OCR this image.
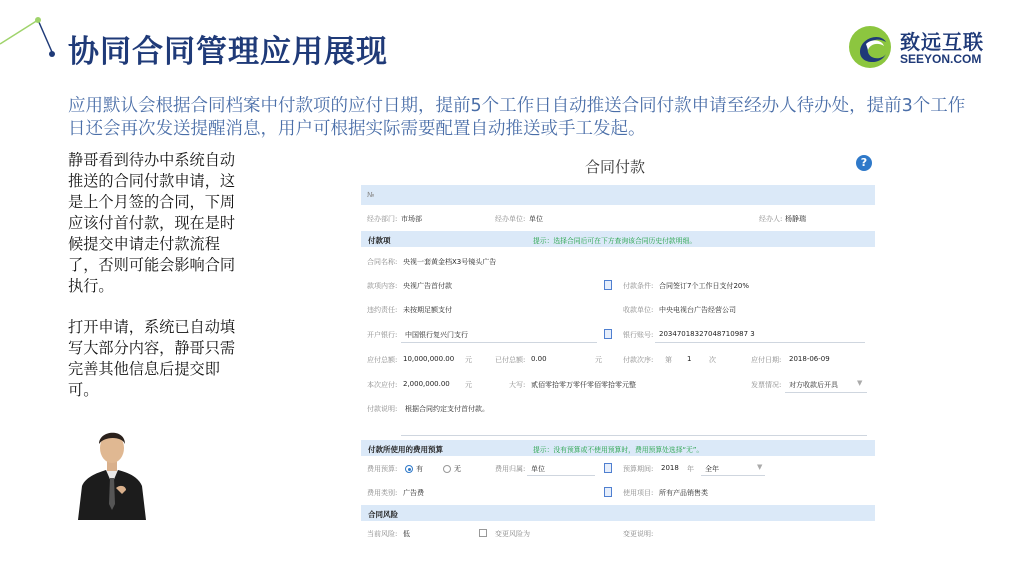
协同合同管理应用展现	致远互联
SEEYON.COM
应用默认会根据合同档案中付款项的应付日期，提前5个工作日自动推送合同付款申请至经办人待办处，提前3个工作日还会再次发送提醒消息，用户可根据实际需要配置自动推送或手工发起。

静哥看到待办中系统自动推送的合同付款申请，这是上个月签的合同，下周应该付首付款，现在是时候提交申请走付款流程了，否则可能会影响合同执行。

打开申请，系统已自动填写大部分内容，静哥只需完善其他信息后提交即可。

合同付款	?
№
经办部门: 市场部	经办单位: 单位	经办人: 杨静瑞
付款项	提示：选择合同后可在下方查询该合同历史付款明细。
合同名称: 央视一套黄金档X3号镜头广告
款项内容: 央视广告首付款	付款条件: 合同签订7个工作日支付20%
违约责任: 未按期足额支付	收款单位: 中央电视台广告经营公司
开户银行: 中国银行复兴门支行	银行账号: 20347018327048710987 3
应付总额: 10,000,000.00 元	已付总额: 0.00	元	付款次序: 第 1	次	应付日期: 2018-06-09
本次应付: 2,000,000.00 元	大写: 贰佰零拾零万零仟零佰零拾零元整	发票情况: 对方收款后开具	▼
付款说明: 根据合同约定支付首付款。
付款所使用的费用预算	提示：没有预算或不使用预算时，费用预算处选择“无”。
费用预算:	有	无	费用归属: 单位	预算期间: 2018 年 全年	▼
费用类别: 广告费	使用项目: 所有产品销售类
合同风险
当前风险: 低	变更风险为	变更说明:
